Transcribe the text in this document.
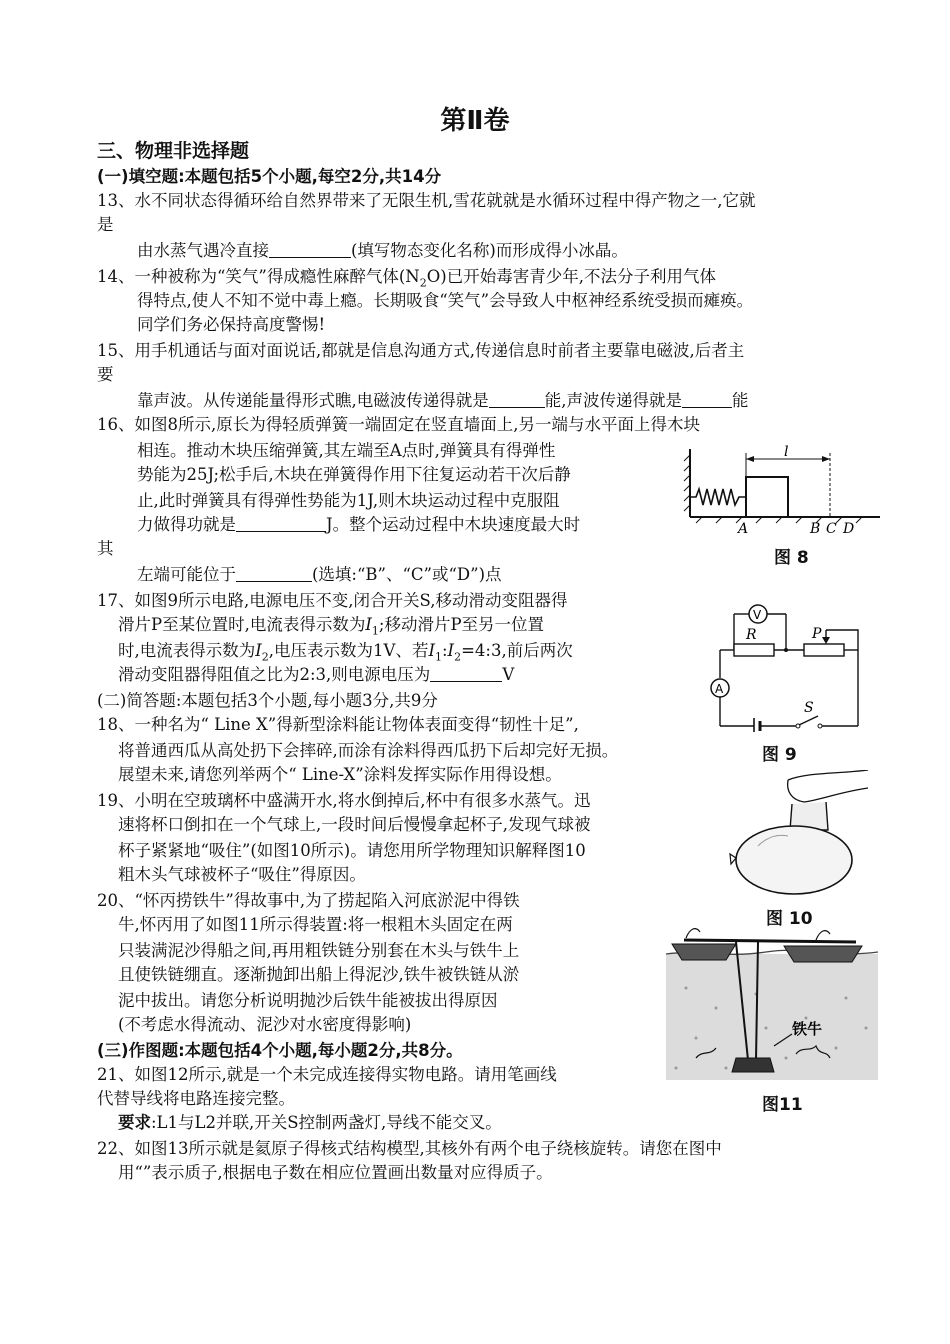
第Ⅱ卷
三、物理非选择题
(一)填空题:本题包括5个小题,每空2分,共14分
13、水不同状态得循环给自然界带来了无限生机,雪花就就是水循环过程中得产物之一,它就
是
由水蒸气遇冷直接	(填写物态变化名称)而形成得小冰晶。
14、一种被称为“笑气”得成瘾性麻醉气体$(N_2O)$已开始毒害青少年,不法分子利用气体
得特点,使人不知不觉中毒上瘾。长期吸食“笑气”会导致人中枢神经系统受损而瘫痪。
同学们务必保持高度警惕!
15、用手机通话与面对面说话,都就是信息沟通方式,传递信息时前者主要靠电磁波,后者主
要
靠声波。从传递能量得形式瞧,电磁波传递得就是	能,声波传递得就是	能
16、如图8所示,原长为得轻质弹簧一端固定在竖直墙面上,另一端与水平面上得木块
相连。推动木块压缩弹簧,其左端至A点时,弹簧具有得弹性
势能为25J;松手后,木块在弹簧得作用下往复运动若干次后静
止,此时弹簧具有得弹性势能为1J,则木块运动过程中克服阻
力做得功就是	J。整个运动过程中木块速度最大时
其
左端可能位于	(选填:“B”、“C”或“D”)点
17、如图9所示电路,电源电压不变,闭合开关S,移动滑动变阻器得
滑片P至某位置时,电流表得示数为$I_1$;移动滑片P至另一位置
时,电流表得示数为$I_2$,电压表示数为1V、若$I_1:I_2=4:3$,前后两次
滑动变阻器得阻值之比为2:3,则电源电压为	V
(二)简答题:本题包括3个小题,每小题3分,共9分
18、一种名为“ Line X”得新型涂料能让物体表面变得“韧性十足”,
将普通西瓜从高处扔下会摔碎,而涂有涂料得西瓜扔下后却完好无损。
展望未来,请您列举两个“ Line-X”涂料发挥实际作用得设想。
19、小明在空玻璃杯中盛满开水,将水倒掉后,杯中有很多水蒸气。迅
速将杯口倒扣在一个气球上,一段时间后慢慢拿起杯子,发现气球被
杯子紧紧地“吸住”(如图10所示)。请您用所学物理知识解释图10
粗木头气球被杯子“吸住”得原因。
20、“怀丙捞铁牛”得故事中,为了捞起陷入河底淤泥中得铁
牛,怀丙用了如图11所示得装置:将一根粗木头固定在两
只装满泥沙得船之间,再用粗铁链分别套在木头与铁牛上
且使铁链绷直。逐渐抛卸出船上得泥沙,铁牛被铁链从淤
泥中拔出。请您分析说明抛沙后铁牛能被拔出得原因
(不考虑水得流动、泥沙对水密度得影响)
(三)作图题:本题包括4个小题,每小题2分,共8分。
21、如图12所示,就是一个未完成连接得实物电路。请用笔画线
代替导线将电路连接完整。
要求:L1与L2并联,开关S控制两盏灯,导线不能交叉。
22、如图13所示就是氦原子得核式结构模型,其核外有两个电子绕核旋转。请您在图中
用“”表示质子,根据电子数在相应位置画出数量对应得质子。
l
A	B C D
图 8
V
R	P
A
S
图 9
图 10
铁牛
图11
